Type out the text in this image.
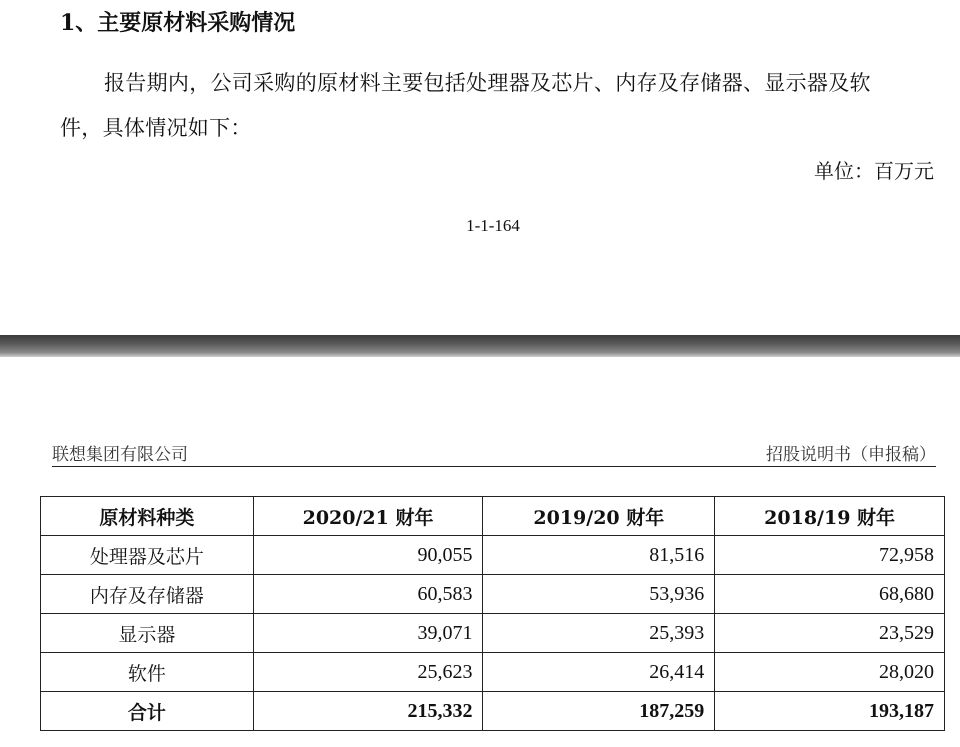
1、主要原材料采购情况
报告期内，公司采购的原材料主要包括处理器及芯片、内存及存储器、显示器及软
件，具体情况如下：
单位：百万元
1-1-164
联想集团有限公司	招股说明书（申报稿）
原材料种类	2020/21 财年	2019/20 财年	2018/19 财年
处理器及芯片	90,055	81,516	72,958
内存及存储器	60,583	53,936	68,680
显示器	39,071	25,393	23,529
软件	25,623	26,414	28,020
合计	215,332	187,259	193,187
